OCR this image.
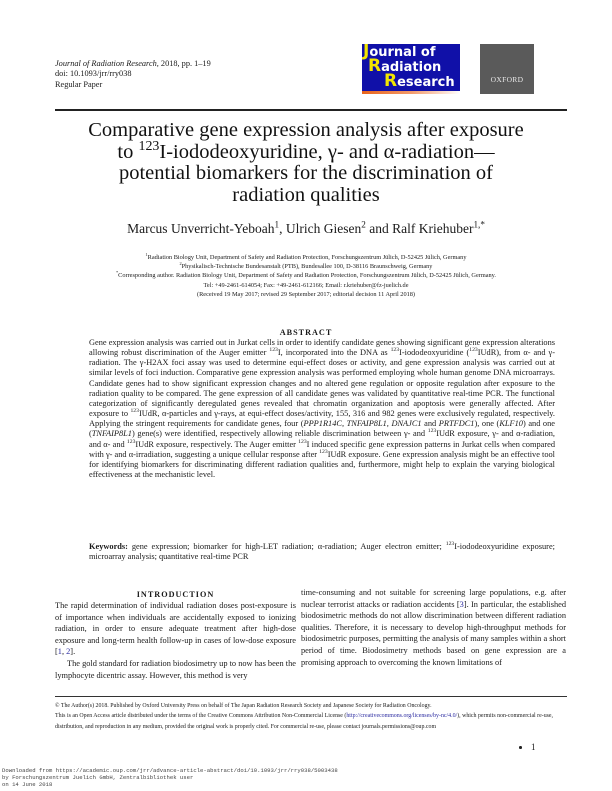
Journal of Radiation Research, 2018, pp. 1–19
doi: 10.1093/jrr/rry038
Regular Paper
Journal of
Radiation
Research	OXFORD
Comparative gene expression analysis after exposure
to $^{123}$I-iododeoxyuridine, γ- and α-radiation—
potential biomarkers for the discrimination of
radiation qualities
Marcus Unverricht-Yeboah$^1$, Ulrich Giesen$^2$ and Ralf Kriehuber$^{1,*}$
$^1$Radiation Biology Unit, Department of Safety and Radiation Protection, Forschungszentrum Jülich, D-52425 Jülich, Germany
$^2$Physikalisch-Technische Bundesanstalt (PTB), Bundesallee 100, D-38116 Braunschweig, Germany
*Corresponding author. Radiation Biology Unit, Department of Safety and Radiation Protection, Forschungszentrum Jülich, D-52425 Jülich, Germany.
Tel: +49-2461-614054; Fax: +49-2461-612166; Email: r.kriehuber@fz-juelich.de
(Received 19 May 2017; revised 29 September 2017; editorial decision 11 April 2018)
ABSTRACT
Gene expression analysis was carried out in Jurkat cells in order to identify candidate genes showing significant gene expression alterations allowing robust discrimination of the Auger emitter $^{123}$I, incorporated into the DNA as $^{123}$I-iododeoxyuridine ($^{123}$IUdR), from α- and γ-radiation. The γ-H2AX foci assay was used to determine equi-effect doses or activity, and gene expression analysis was carried out at similar levels of foci induction. Comparative gene expression analysis was performed employing whole human genome DNA microarrays. Candidate genes had to show significant expression changes and no altered gene regulation or opposite regulation after exposure to the radiation quality to be compared. The gene expression of all candidate genes was validated by quantitative real-time PCR. The functional categorization of significantly deregulated genes revealed that chromatin organization and apoptosis were generally affected. After exposure to $^{123}$IUdR, α-particles and γ-rays, at equi-effect doses/activity, 155, 316 and 982 genes were exclusively regulated, respectively. Applying the stringent requirements for candidate genes, four (PPP1R14C, TNFAIP8L1, DNAJC1 and PRTFDC1), one (KLF10) and one (TNFAIP8L1) gene(s) were identified, respectively allowing reliable discrimination between γ- and $^{123}$IUdR exposure, γ- and α-radiation, and α- and $^{123}$IUdR exposure, respectively. The Auger emitter $^{123}$I induced specific gene expression patterns in Jurkat cells when compared with γ- and α-irradiation, suggesting a unique cellular response after $^{123}$IUdR exposure. Gene expression analysis might be an effective tool for identifying biomarkers for discriminating different radiation qualities and, furthermore, might help to explain the varying biological effectiveness at the mechanistic level.
Keywords: gene expression; biomarker for high-LET radiation; α-radiation; Auger electron emitter; $^{123}$I-iododeoxyuridine exposure; microarray analysis; quantitative real-time PCR
INTRODUCTION
The rapid determination of individual radiation doses post-exposure is of importance when individuals are accidentally exposed to ionizing radiation, in order to ensure adequate treatment after high-dose exposure and long-term health follow-up in cases of low-dose exposure [1, 2].
The gold standard for radiation biodosimetry up to now has been the lymphocyte dicentric assay. However, this method is very
time-consuming and not suitable for screening large populations, e.g. after nuclear terrorist attacks or radiation accidents [3]. In particular, the established biodosimetric methods do not allow discrimination between different radiation qualities. Therefore, it is necessary to develop high-throughput methods for biodosimetric purposes, permitting the analysis of many samples within a short period of time. Biodosimetry methods based on gene expression are a promising approach to overcoming the known limitations of
© The Author(s) 2018. Published by Oxford University Press on behalf of The Japan Radiation Research Society and Japanese Society for Radiation Oncology.
This is an Open Access article distributed under the terms of the Creative Commons Attribution Non-Commercial License (http://creativecommons.org/licenses/by-nc/4.0/), which permits non-commercial re-use, distribution, and reproduction in any medium, provided the original work is properly cited. For commercial re-use, please contact journals.permissions@oup.com
1
Downloaded from https://academic.oup.com/jrr/advance-article-abstract/doi/10.1093/jrr/rry038/5003438
by Forschungszentrum Juelich GmbH, Zentralbibliothek user
on 14 June 2018
